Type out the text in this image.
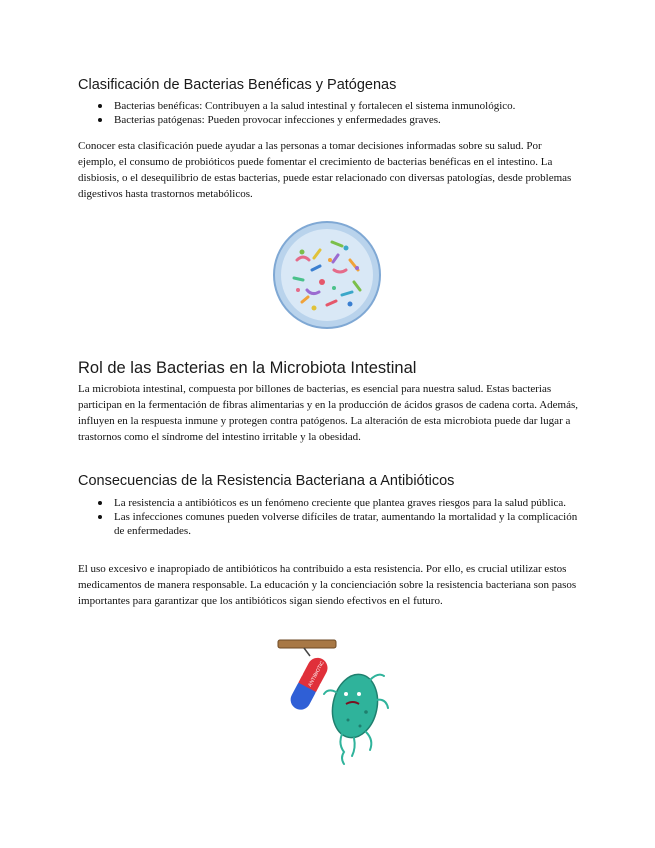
Clasificación de Bacterias Benéficas y Patógenas
Bacterias benéficas: Contribuyen a la salud intestinal y fortalecen el sistema inmunológico.
Bacterias patógenas: Pueden provocar infecciones y enfermedades graves.

Conocer esta clasificación puede ayudar a las personas a tomar decisiones informadas sobre su salud. Por ejemplo, el consumo de probióticos puede fomentar el crecimiento de bacterias benéficas en el intestino. La disbiosis, o el desequilibrio de estas bacterias, puede estar relacionado con diversas patologías, desde problemas digestivos hasta trastornos metabólicos.

Rol de las Bacterias en la Microbiota Intestinal

La microbiota intestinal, compuesta por billones de bacterias, es esencial para nuestra salud. Estas bacterias participan en la fermentación de fibras alimentarias y en la producción de ácidos grasos de cadena corta. Además, influyen en la respuesta inmune y protegen contra patógenos. La alteración de esta microbiota puede dar lugar a trastornos como el síndrome del intestino irritable y la obesidad.

Consecuencias de la Resistencia Bacteriana a Antibióticos
La resistencia a antibióticos es un fenómeno creciente que plantea graves riesgos para la salud pública.
Las infecciones comunes pueden volverse difíciles de tratar, aumentando la mortalidad y la complicación de enfermedades.

El uso excesivo e inapropiado de antibióticos ha contribuido a esta resistencia. Por ello, es crucial utilizar estos medicamentos de manera responsable. La educación y la concienciación sobre la resistencia bacteriana son pasos importantes para garantizar que los antibióticos sigan siendo efectivos en el futuro.

ANTIBIOTIC
